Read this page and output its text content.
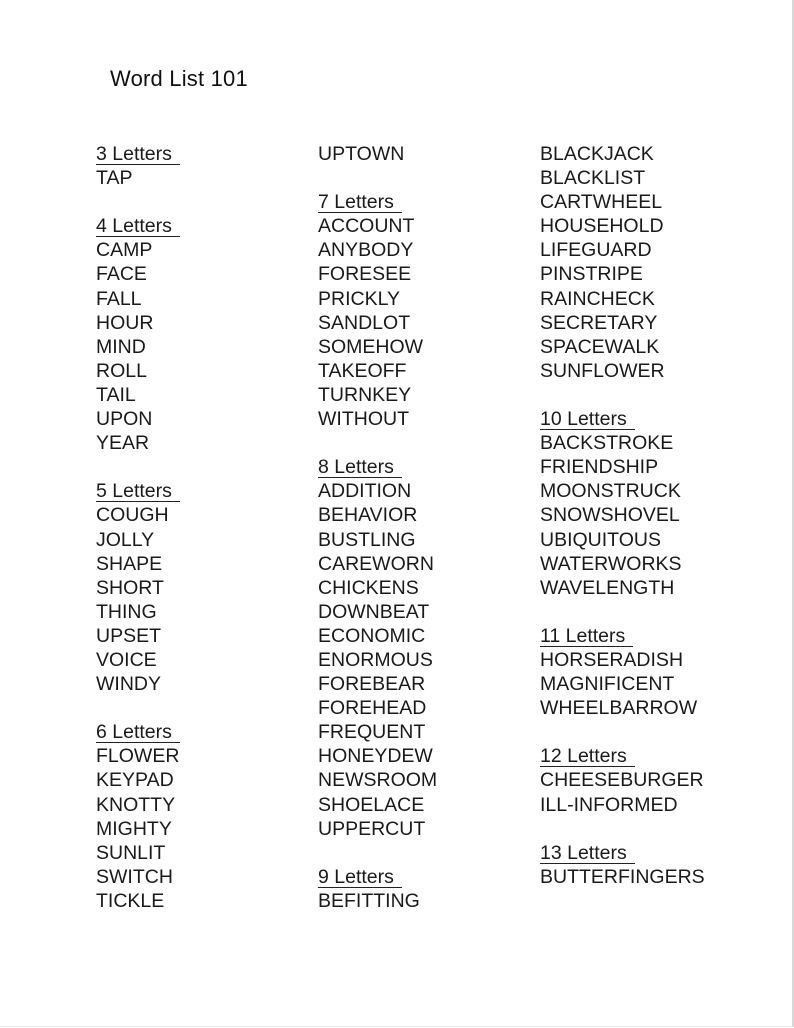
Word List 101
3 Letters
TAP
4 Letters
CAMP
FACE
FALL
HOUR
MIND
ROLL
TAIL
UPON
YEAR
5 Letters
COUGH
JOLLY
SHAPE
SHORT
THING
UPSET
VOICE
WINDY
6 Letters
FLOWER
KEYPAD
KNOTTY
MIGHTY
SUNLIT
SWITCH
TICKLE
UPTOWN
7 Letters
ACCOUNT
ANYBODY
FORESEE
PRICKLY
SANDLOT
SOMEHOW
TAKEOFF
TURNKEY
WITHOUT
8 Letters
ADDITION
BEHAVIOR
BUSTLING
CAREWORN
CHICKENS
DOWNBEAT
ECONOMIC
ENORMOUS
FOREBEAR
FOREHEAD
FREQUENT
HONEYDEW
NEWSROOM
SHOELACE
UPPERCUT
9 Letters
BEFITTING
BLACKJACK
BLACKLIST
CARTWHEEL
HOUSEHOLD
LIFEGUARD
PINSTRIPE
RAINCHECK
SECRETARY
SPACEWALK
SUNFLOWER
10 Letters
BACKSTROKE
FRIENDSHIP
MOONSTRUCK
SNOWSHOVEL
UBIQUITOUS
WATERWORKS
WAVELENGTH
11 Letters
HORSERADISH
MAGNIFICENT
WHEELBARROW
12 Letters
CHEESEBURGER
ILL-INFORMED
13 Letters
BUTTERFINGERS
